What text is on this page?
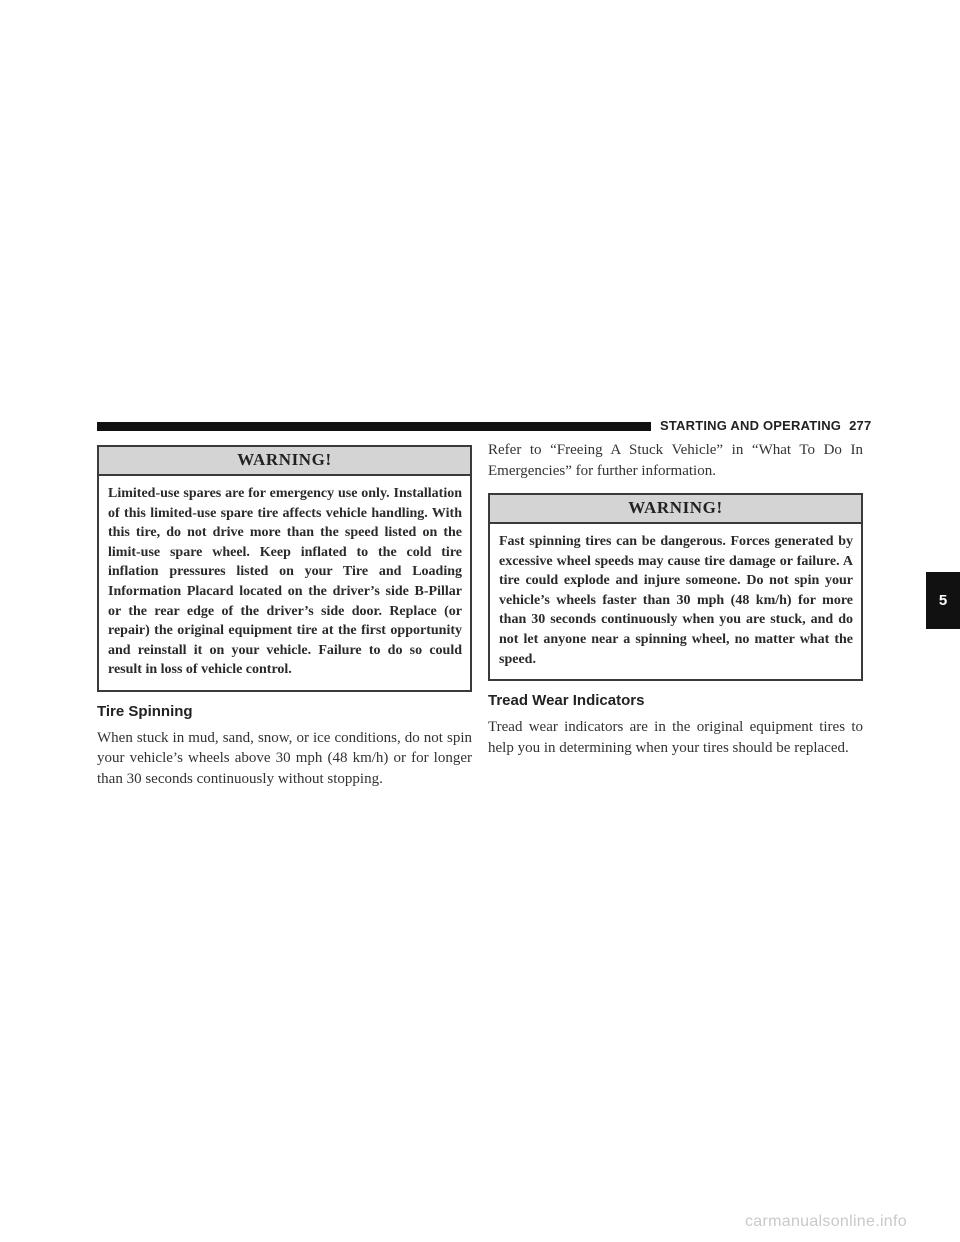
STARTING AND OPERATING 277
WARNING!
Limited-use spares are for emergency use only. Installation of this limited-use spare tire affects vehicle handling. With this tire, do not drive more than the speed listed on the limit-use spare wheel. Keep inflated to the cold tire inflation pressures listed on your Tire and Loading Information Placard located on the driver’s side B-Pillar or the rear edge of the driver’s side door. Replace (or repair) the original equipment tire at the first opportunity and reinstall it on your vehicle. Failure to do so could result in loss of vehicle control.
Tire Spinning

When stuck in mud, sand, snow, or ice conditions, do not spin your vehicle’s wheels above 30 mph (48 km/h) or for longer than 30 seconds continuously without stopping.

Refer to “Freeing A Stuck Vehicle” in “What To Do In Emergencies” for further information.

WARNING!
Fast spinning tires can be dangerous. Forces generated by excessive wheel speeds may cause tire damage or failure. A tire could explode and injure someone. Do not spin your vehicle’s wheels faster than 30 mph (48 km/h) for more than 30 seconds continuously when you are stuck, and do not let anyone near a spinning wheel, no matter what the speed.
Tread Wear Indicators

Tread wear indicators are in the original equipment tires to help you in determining when your tires should be replaced.

5
carmanualsonline.info
